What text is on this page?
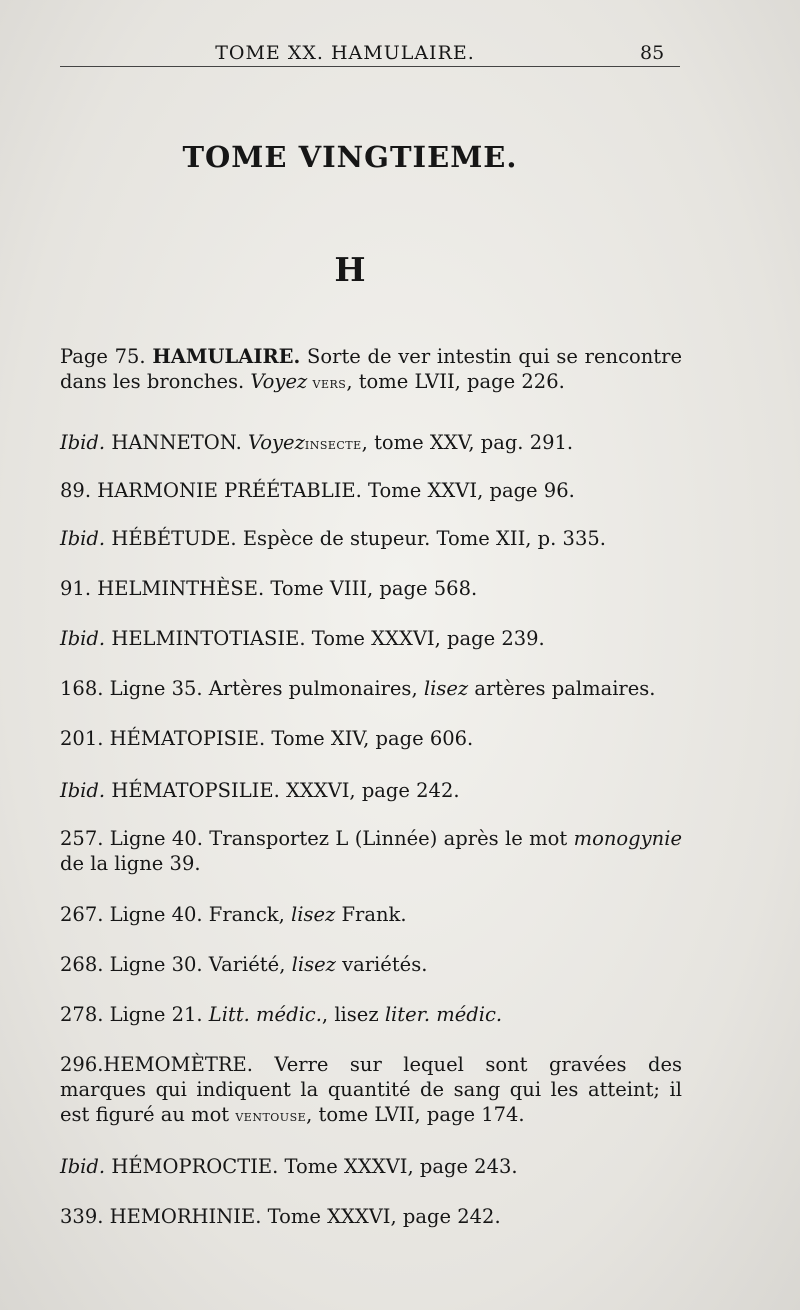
TOME XX. HAMULAIRE.	85
TOME VINGTIEME.
H
Page 75. HAMULAIRE. Sorte de ver intestin qui se rencontre dans les bronches. Voyez vers, tome LVII, page 226.
Ibid. HANNETON. Voyezinsecte, tome XXV, pag. 291.
89. HARMONIE PRÉÉTABLIE. Tome XXVI, page 96.
Ibid. HÉBÉTUDE. Espèce de stupeur. Tome XII, p. 335.
91. HELMINTHÈSE. Tome VIII, page 568.
Ibid. HELMINTOTIASIE. Tome XXXVI, page 239.
168. Ligne 35. Artères pulmonaires, lisez artères palmaires.
201. HÉMATOPISIE. Tome XIV, page 606.
Ibid. HÉMATOPSILIE. XXXVI, page 242.
257. Ligne 40. Transportez L (Linnée) après le mot monogynie de la ligne 39.
267. Ligne 40. Franck, lisez Frank.
268. Ligne 30. Variété, lisez variétés.
278. Ligne 21. Litt. médic., lisez liter. médic.
296.HEMOMÈTRE. Verre sur lequel sont gravées des marques qui indiquent la quantité de sang qui les atteint; il est figuré au mot ventouse, tome LVII, page 174.
Ibid. HÉMOPROCTIE. Tome XXXVI, page 243.
339. HEMORHINIE. Tome XXXVI, page 242.
